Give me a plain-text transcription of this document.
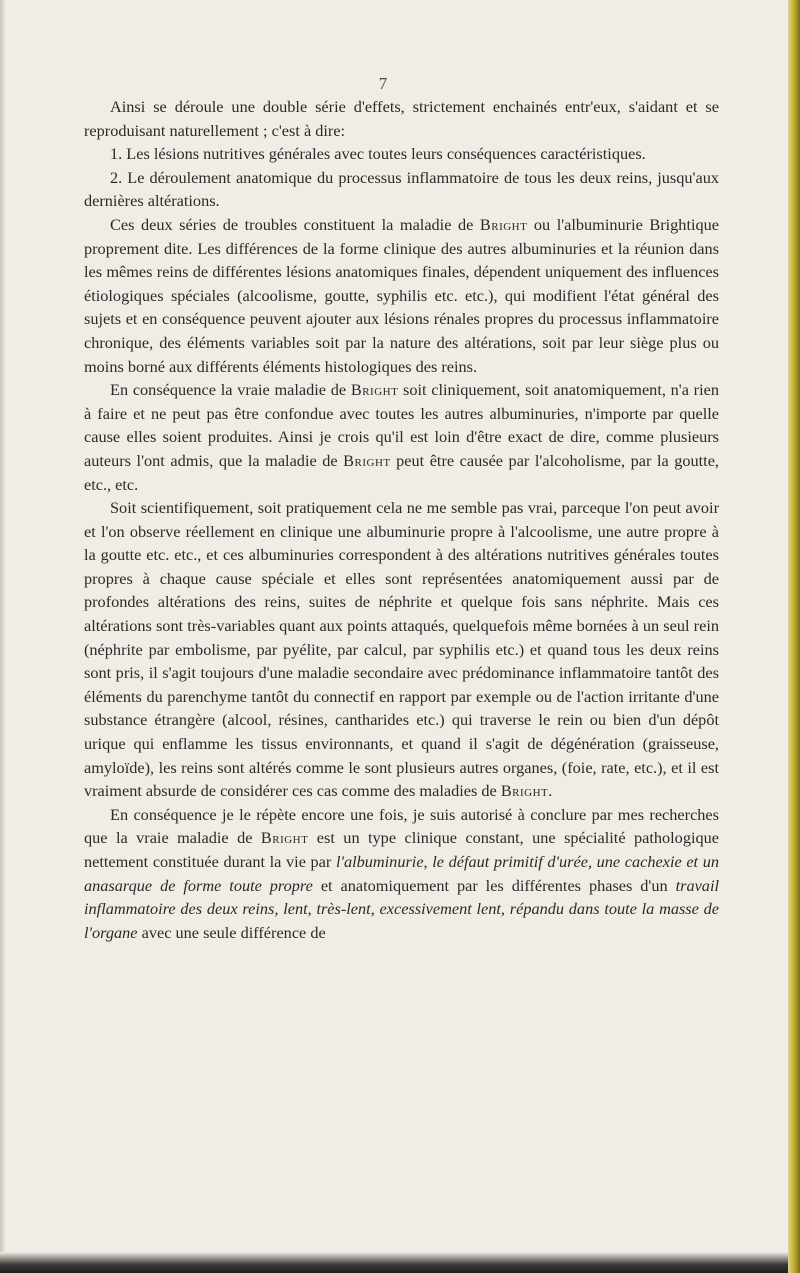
7

Ainsi se déroule une double série d'effets, strictement enchainés entr'eux, s'aidant et se reproduisant naturellement ; c'est à dire:

1. Les lésions nutritives générales avec toutes leurs conséquences caractéristiques.

2. Le déroulement anatomique du processus inflammatoire de tous les deux reins, jusqu'aux dernières altérations.

Ces deux séries de troubles constituent la maladie de Bright ou l'albuminurie Brightique proprement dite. Les différences de la forme clinique des autres albuminuries et la réunion dans les mêmes reins de différentes lésions anatomiques finales, dépendent uniquement des influences étiologiques spéciales (alcoolisme, goutte, syphilis etc. etc.), qui modifient l'état général des sujets et en conséquence peuvent ajouter aux lésions rénales propres du processus inflammatoire chronique, des éléments variables soit par la nature des altérations, soit par leur siège plus ou moins borné aux différents éléments histologiques des reins.

En conséquence la vraie maladie de Bright soit cliniquement, soit anatomiquement, n'a rien à faire et ne peut pas être confondue avec toutes les autres albuminuries, n'importe par quelle cause elles soient produites. Ainsi je crois qu'il est loin d'être exact de dire, comme plusieurs auteurs l'ont admis, que la maladie de Bright peut être causée par l'alcoholisme, par la goutte, etc., etc.

Soit scientifiquement, soit pratiquement cela ne me semble pas vrai, parceque l'on peut avoir et l'on observe réellement en clinique une albuminurie propre à l'alcoolisme, une autre propre à la goutte etc. etc., et ces albuminuries correspondent à des altérations nutritives générales toutes propres à chaque cause spéciale et elles sont représentées anatomiquement aussi par de profondes altérations des reins, suites de néphrite et quelque fois sans néphrite. Mais ces altérations sont très-variables quant aux points attaqués, quelquefois même bornées à un seul rein (néphrite par embolisme, par pyélite, par calcul, par syphilis etc.) et quand tous les deux reins sont pris, il s'agit toujours d'une maladie secondaire avec prédominance inflammatoire tantôt des éléments du parenchyme tantôt du connectif en rapport par exemple ou de l'action irritante d'une substance étrangère (alcool, résines, cantharides etc.) qui traverse le rein ou bien d'un dépôt urique qui enflamme les tissus environnants, et quand il s'agit de dégénération (graisseuse, amyloïde), les reins sont altérés comme le sont plusieurs autres organes, (foie, rate, etc.), et il est vraiment absurde de considérer ces cas comme des maladies de Bright.

En conséquence je le répète encore une fois, je suis autorisé à conclure par mes recherches que la vraie maladie de Bright est un type clinique constant, une spécialité pathologique nettement constituée durant la vie par l'albuminurie, le défaut primitif d'urée, une cachexie et un anasarque de forme toute propre et anatomiquement par les différentes phases d'un travail inflammatoire des deux reins, lent, très-lent, excessivement lent, répandu dans toute la masse de l'organe avec une seule différence de
